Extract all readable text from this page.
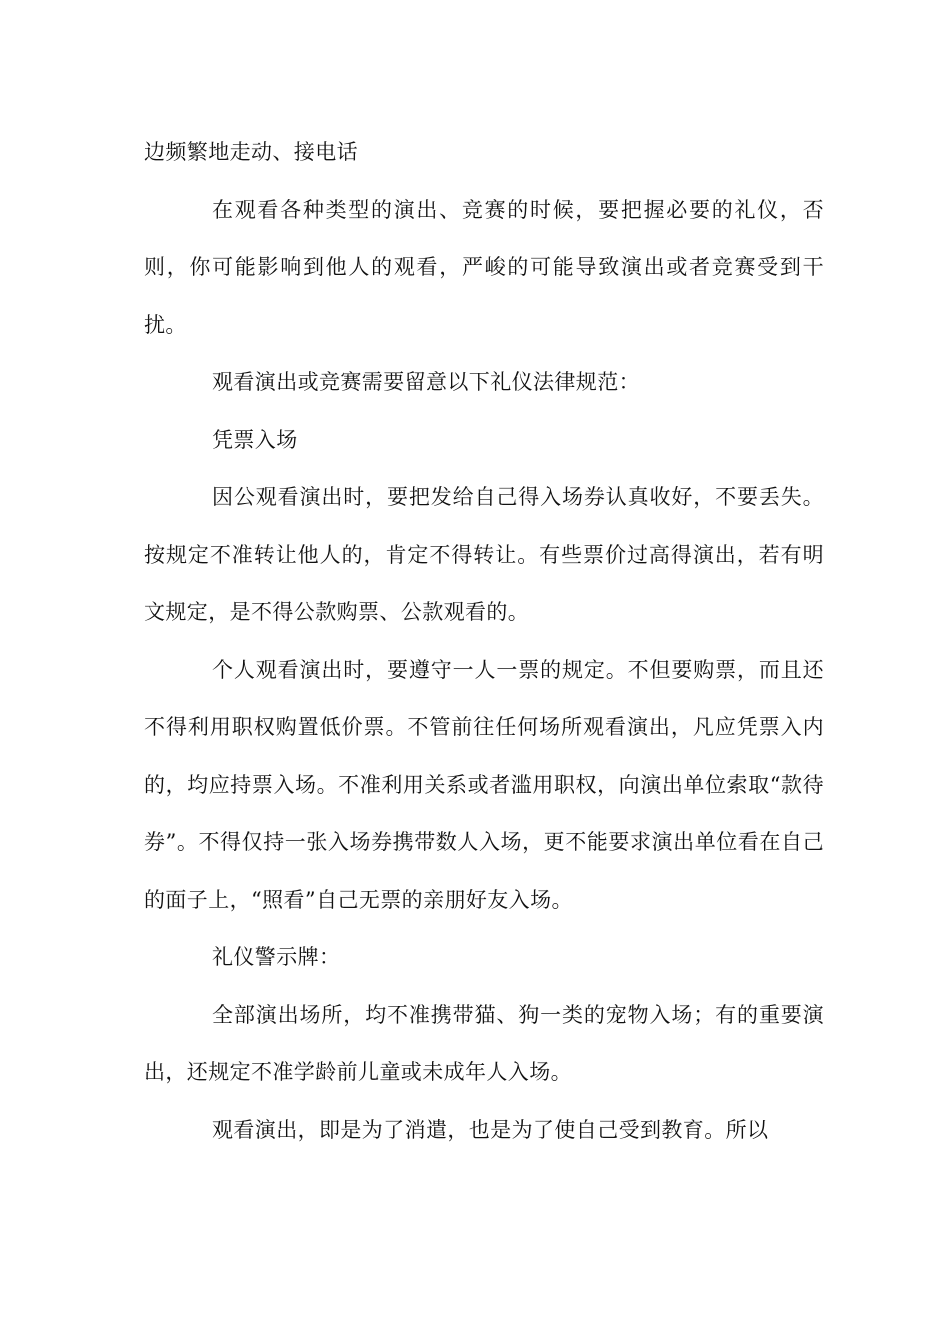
边频繁地走动、接电话

在观看各种类型的演出、竞赛的时候，要把握必要的礼仪，否则，你可能影响到他人的观看，严峻的可能导致演出或者竞赛受到干扰。

观看演出或竞赛需要留意以下礼仪法律规范：

凭票入场

因公观看演出时，要把发给自己得入场券认真收好，不要丢失。按规定不准转让他人的，肯定不得转让。有些票价过高得演出，若有明文规定，是不得公款购票、公款观看的。

个人观看演出时，要遵守一人一票的规定。不但要购票，而且还不得利用职权购置低价票。不管前往任何场所观看演出，凡应凭票入内的，均应持票入场。不准利用关系或者滥用职权，向演出单位索取“款待券”。不得仅持一张入场券携带数人入场，更不能要求演出单位看在自己的面子上，“照看”自己无票的亲朋好友入场。

礼仪警示牌：

全部演出场所，均不准携带猫、狗一类的宠物入场；有的重要演出，还规定不准学龄前儿童或未成年人入场。

观看演出，即是为了消遣，也是为了使自己受到教育。所以
